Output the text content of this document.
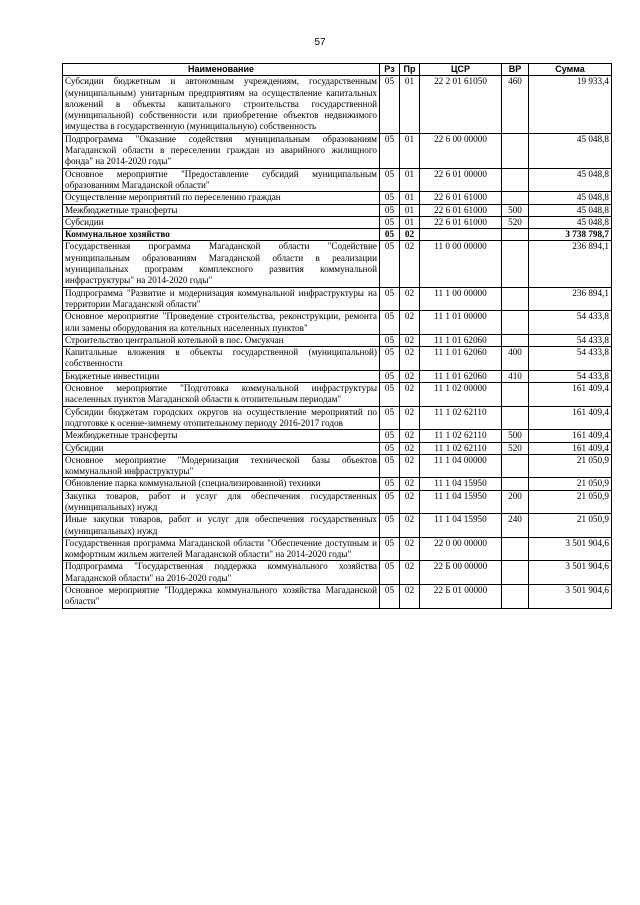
57
Наименование	Рз	Пр	ЦСР	ВР	Сумма
Субсидии бюджетным и автономным учреждениям, государственным (муниципальным) унитарным предприятиям на осуществление капитальных вложений в объекты капитального строительства государственной (муниципальной) собственности или приобретение объектов недвижимого имущества в государственную (муниципальную) собственность	05	01	22 2 01 61050	460	19 933,4
Подпрограмма "Оказание содействия муниципальным образованиям Магаданской области в переселении граждан из аварийного жилищного фонда" на 2014-2020 годы"	05	01	22 6 00 00000		45 048,8
Основное мероприятие "Предоставление субсидий муниципальным образованиям Магаданской области"	05	01	22 6 01 00000		45 048,8
Осуществление мероприятий по переселению граждан	05	01	22 6 01 61000		45 048,8
Межбюджетные трансферты	05	01	22 6 01 61000	500	45 048,8
Субсидии	05	01	22 6 01 61000	520	45 048,8
Коммунальное хозяйство	05	02			3 738 798,7
Государственная программа Магаданской области "Содействие муниципальным образованиям Магаданской области в реализации муниципальных программ комплексного развития коммунальной инфраструктуры" на 2014-2020 годы"	05	02	11 0 00 00000		236 894,1
Подпрограмма "Развитие и модернизация коммунальной инфраструктуры на территории Магаданской области"	05	02	11 1 00 00000		236 894,1
Основное мероприятие "Проведение строительства, реконструкции, ремонта или замены оборудования на котельных населенных пунктов"	05	02	11 1 01 00000		54 433,8
Строительство центральной котельной в пос. Омсукчан	05	02	11 1 01 62060		54 433,8
Капитальные вложения в объекты государственной (муниципальной) собственности	05	02	11 1 01 62060	400	54 433,8
Бюджетные инвестиции	05	02	11 1 01 62060	410	54 433,8
Основное мероприятие "Подготовка коммунальной инфраструктуры населенных пунктов Магаданской области к отопительным периодам"	05	02	11 1 02 00000		161 409,4
Субсидии бюджетам городских округов на осуществление мероприятий по подготовке к осенне-зимнему отопительному периоду 2016-2017 годов	05	02	11 1 02 62110		161 409,4
Межбюджетные трансферты	05	02	11 1 02 62110	500	161 409,4
Субсидии	05	02	11 1 02 62110	520	161 409,4
Основное мероприятие "Модернизация технической базы объектов коммунальной инфраструктуры"	05	02	11 1 04 00000		21 050,9
Обновление парка коммунальной (специализированной) техники	05	02	11 1 04 15950		21 050,9
Закупка товаров, работ и услуг для обеспечения государственных (муниципальных) нужд	05	02	11 1 04 15950	200	21 050,9
Иные закупки товаров, работ и услуг для обеспечения государственных (муниципальных) нужд	05	02	11 1 04 15950	240	21 050,9
Государственная программа Магаданской области "Обеспечение доступным и комфортным жильем жителей Магаданской области" на 2014-2020 годы"	05	02	22 0 00 00000		3 501 904,6
Подпрограмма "Государственная поддержка коммунального хозяйства Магаданской области" на 2016-2020 годы"	05	02	22 Б 00 00000		3 501 904,6
Основное мероприятие "Поддержка коммунального хозяйства Магаданской области"	05	02	22 Б 01 00000		3 501 904,6
